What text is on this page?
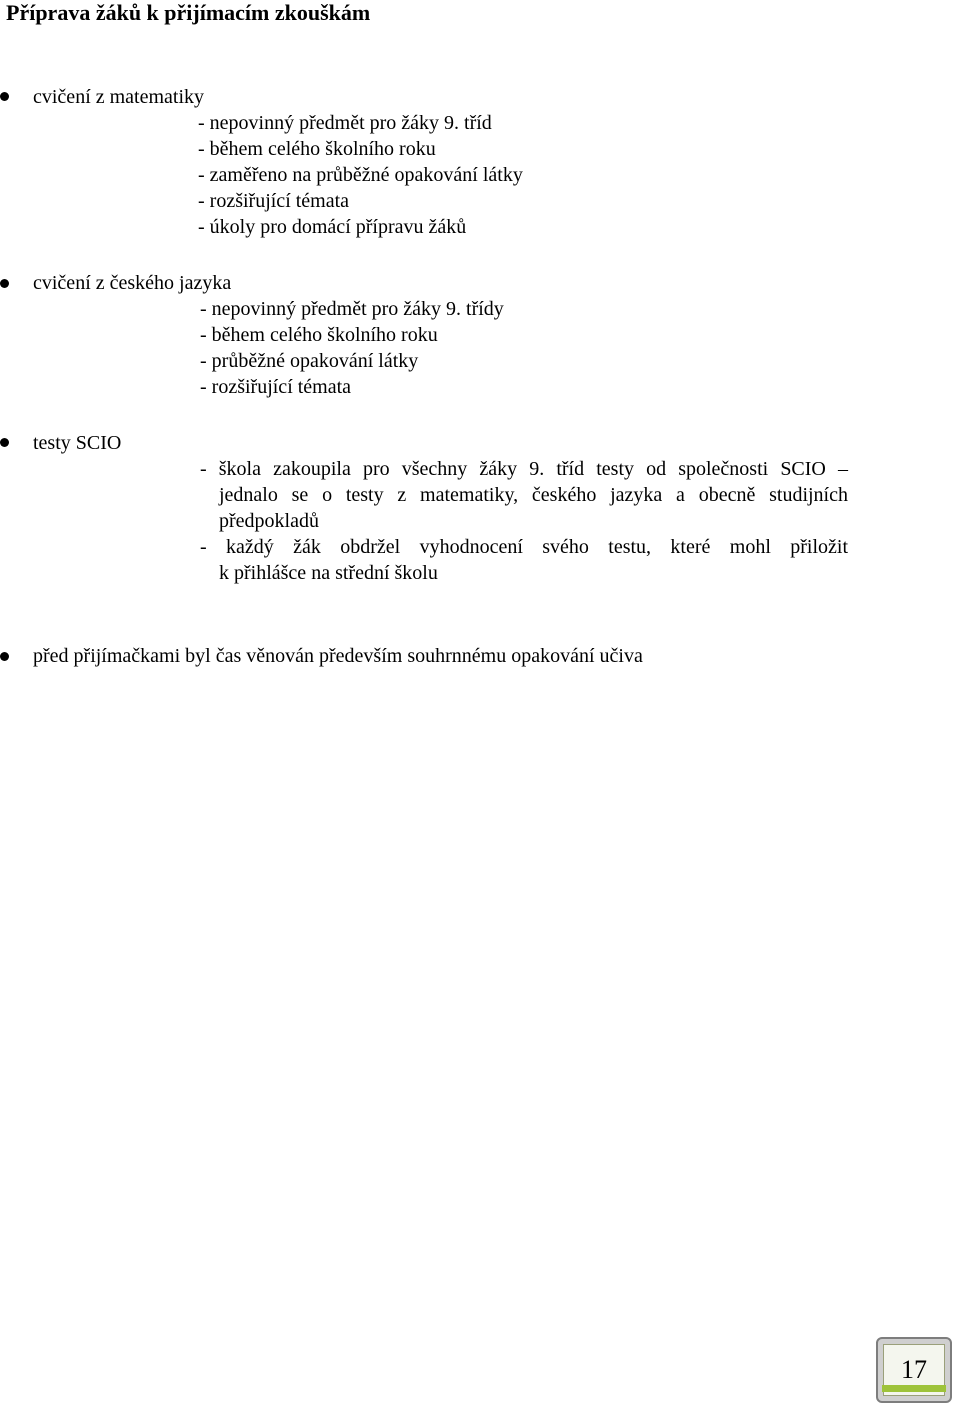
Příprava žáků k přijímacím zkouškám
cvičení z matematiky
- nepovinný předmět pro žáky 9. tříd
- během celého školního roku
- zaměřeno na průběžné opakování látky
- rozšiřující témata
- úkoly pro domácí přípravu žáků
cvičení z českého jazyka
- nepovinný předmět pro žáky 9. třídy
- během celého školního roku
- průběžné opakování látky
- rozšiřující témata
testy SCIO
- škola zakoupila pro všechny žáky 9. tříd testy od společnosti SCIO –
jednalo se o testy z matematiky, českého jazyka a obecně studijních
předpokladů
- každý žák obdržel vyhodnocení svého testu, které mohl přiložit
k přihlášce na střední školu
před přijímačkami byl čas věnován především souhrnnému opakování učiva
17
